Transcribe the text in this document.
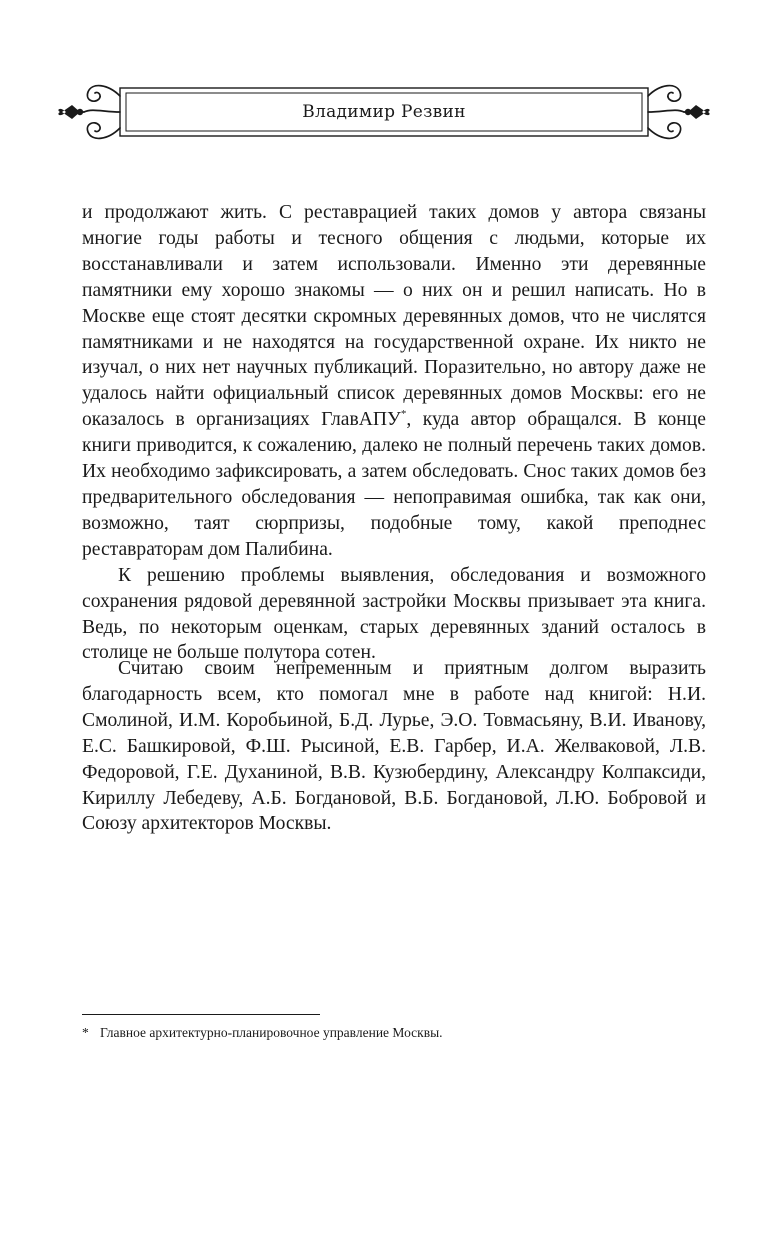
Владимир Резвин

и продолжают жить. С реставрацией таких домов у автора связаны многие годы работы и тесного общения с людьми, которые их восстанавливали и затем использовали. Именно эти деревянные памятники ему хорошо знакомы — о них он и решил написать. Но в Москве еще стоят десятки скромных деревянных домов, что не числятся памятниками и не находятся на государственной охране. Их никто не изучал, о них нет научных публикаций. Поразительно, но автору даже не удалось найти официальный список деревянных домов Москвы: его не оказалось в организациях ГлавАПУ*, куда автор обращался. В конце книги приводится, к сожалению, далеко не полный перечень таких домов. Их необходимо зафиксировать, а затем обследовать. Снос таких домов без предварительного обследования — непоправимая ошибка, так как они, возможно, таят сюрпризы, подобные тому, какой преподнес реставраторам дом Палибина.

К решению проблемы выявления, обследования и возможного сохранения рядовой деревянной застройки Москвы призывает эта книга. Ведь, по некоторым оценкам, старых деревянных зданий осталось в столице не больше полутора сотен.

Считаю своим непременным и приятным долгом выразить благодарность всем, кто помогал мне в работе над книгой: Н.И. Смолиной, И.М. Коробьиной, Б.Д. Лурье, Э.О. Товмасьяну, В.И. Иванову, Е.С. Башкировой, Ф.Ш. Рысиной, Е.В. Гарбер, И.А. Желваковой, Л.В. Федоровой, Г.Е. Духаниной, В.В. Кузюбердину, Александру Колпаксиди, Кириллу Лебедеву, А.Б. Богдановой, В.Б. Богдановой, Л.Ю. Бобровой и Союзу архитекторов Москвы.

* Главное архитектурно-планировочное управление Москвы.
